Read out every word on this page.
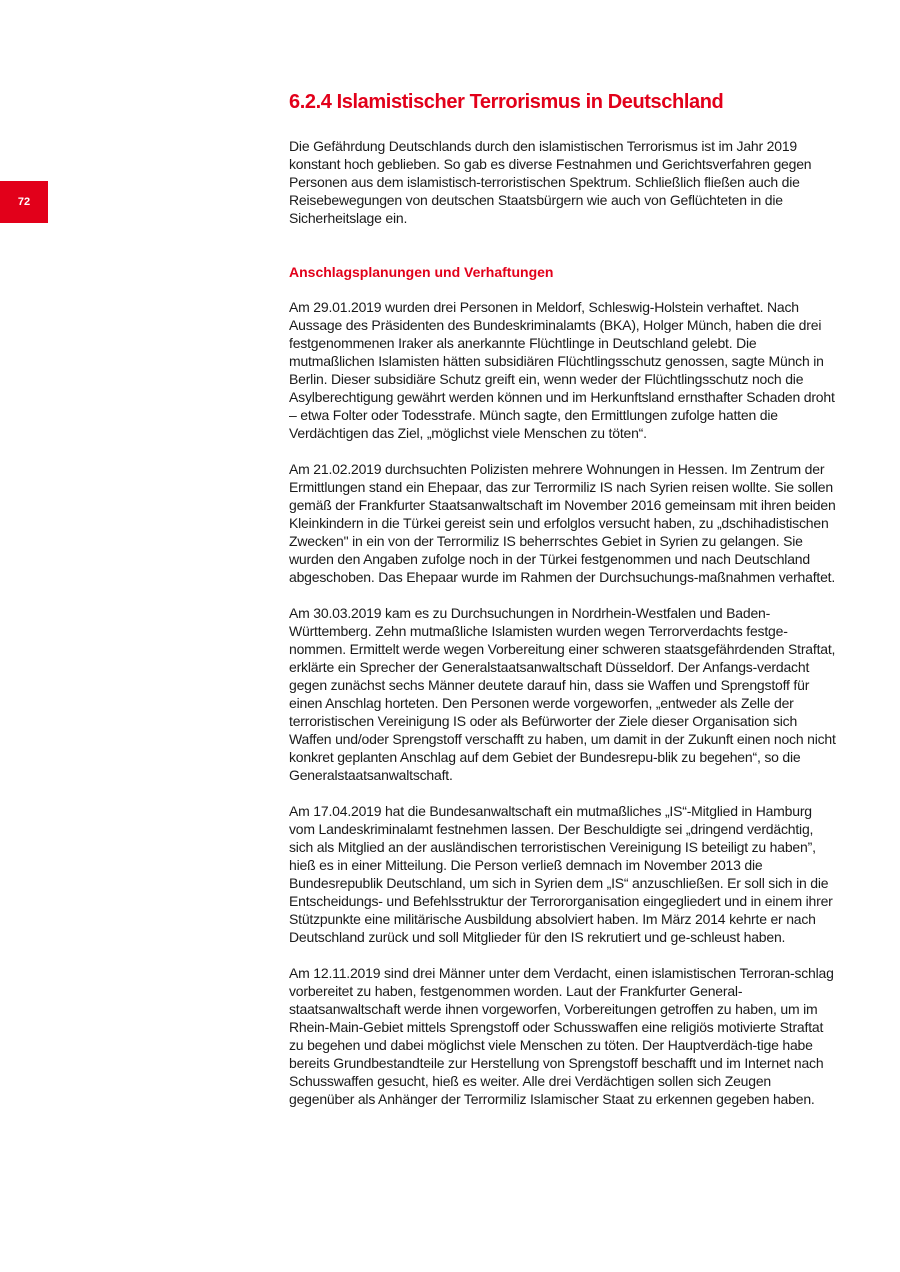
72
6.2.4 Islamistischer Terrorismus in Deutschland

Die Gefährdung Deutschlands durch den islamistischen Terrorismus ist im Jahr 2019 konstant hoch geblieben. So gab es diverse Festnahmen und Gerichtsverfahren gegen Personen aus dem islamistisch-terroristischen Spektrum. Schließlich fließen auch die Reisebewegungen von deutschen Staatsbürgern wie auch von Geflüchteten in die Sicherheitslage ein.

Anschlagsplanungen und Verhaftungen

Am 29.01.2019 wurden drei Personen in Meldorf, Schleswig-Holstein verhaftet. Nach Aussage des Präsidenten des Bundeskriminalamts (BKA), Holger Münch, haben die drei festgenommenen Iraker als anerkannte Flüchtlinge in Deutschland gelebt. Die mutmaßlichen Islamisten hätten subsidiären Flüchtlingsschutz genossen, sagte Münch in Berlin. Dieser subsidiäre Schutz greift ein, wenn weder der Flüchtlingsschutz noch die Asylberechtigung gewährt werden können und im Herkunftsland ernsthafter Schaden droht – etwa Folter oder Todesstrafe. Münch sagte, den Ermittlungen zufolge hatten die Verdächtigen das Ziel, „möglichst viele Menschen zu töten“.

Am 21.02.2019 durchsuchten Polizisten mehrere Wohnungen in Hessen. Im Zentrum der Ermittlungen stand ein Ehepaar, das zur Terrormiliz IS nach Syrien reisen wollte. Sie sollen gemäß der Frankfurter Staatsanwaltschaft im November 2016 gemeinsam mit ihren beiden Kleinkindern in die Türkei gereist sein und erfolglos versucht haben, zu „dschihadistischen Zwecken" in ein von der Terrormiliz IS beherrschtes Gebiet in Syrien zu gelangen. Sie wurden den Angaben zufolge noch in der Türkei festgenommen und nach Deutschland abgeschoben. Das Ehepaar wurde im Rahmen der Durchsuchungs-maßnahmen verhaftet.

Am 30.03.2019 kam es zu Durchsuchungen in Nordrhein-Westfalen und Baden-Württemberg. Zehn mutmaßliche Islamisten wurden wegen Terrorverdachts festge-nommen. Ermittelt werde wegen Vorbereitung einer schweren staatsgefährdenden Straftat, erklärte ein Sprecher der Generalstaatsanwaltschaft Düsseldorf. Der Anfangs-verdacht gegen zunächst sechs Männer deutete darauf hin, dass sie Waffen und Sprengstoff für einen Anschlag horteten. Den Personen werde vorgeworfen, „entweder als Zelle der terroristischen Vereinigung IS oder als Befürworter der Ziele dieser Organisation sich Waffen und/oder Sprengstoff verschafft zu haben, um damit in der Zukunft einen noch nicht konkret geplanten Anschlag auf dem Gebiet der Bundesrepu-blik zu begehen“, so die Generalstaatsanwaltschaft.

Am 17.04.2019 hat die Bundesanwaltschaft ein mutmaßliches „IS“-Mitglied in Hamburg vom Landeskriminalamt festnehmen lassen. Der Beschuldigte sei „dringend verdächtig, sich als Mitglied an der ausländischen terroristischen Vereinigung IS beteiligt zu haben”, hieß es in einer Mitteilung. Die Person verließ demnach im November 2013 die Bundesrepublik Deutschland, um sich in Syrien dem „IS“ anzuschließen. Er soll sich in die Entscheidungs- und Befehlsstruktur der Terrororganisation eingegliedert und in einem ihrer Stützpunkte eine militärische Ausbildung absolviert haben. Im März 2014 kehrte er nach Deutschland zurück und soll Mitglieder für den IS rekrutiert und ge-schleust haben.

Am 12.11.2019 sind drei Männer unter dem Verdacht, einen islamistischen Terroran-schlag vorbereitet zu haben, festgenommen worden. Laut der Frankfurter General-staatsanwaltschaft werde ihnen vorgeworfen, Vorbereitungen getroffen zu haben, um im Rhein-Main-Gebiet mittels Sprengstoff oder Schusswaffen eine religiös motivierte Straftat zu begehen und dabei möglichst viele Menschen zu töten. Der Hauptverdäch-tige habe bereits Grundbestandteile zur Herstellung von Sprengstoff beschafft und im Internet nach Schusswaffen gesucht, hieß es weiter. Alle drei Verdächtigen sollen sich Zeugen gegenüber als Anhänger der Terrormiliz Islamischer Staat zu erkennen gegeben haben.
